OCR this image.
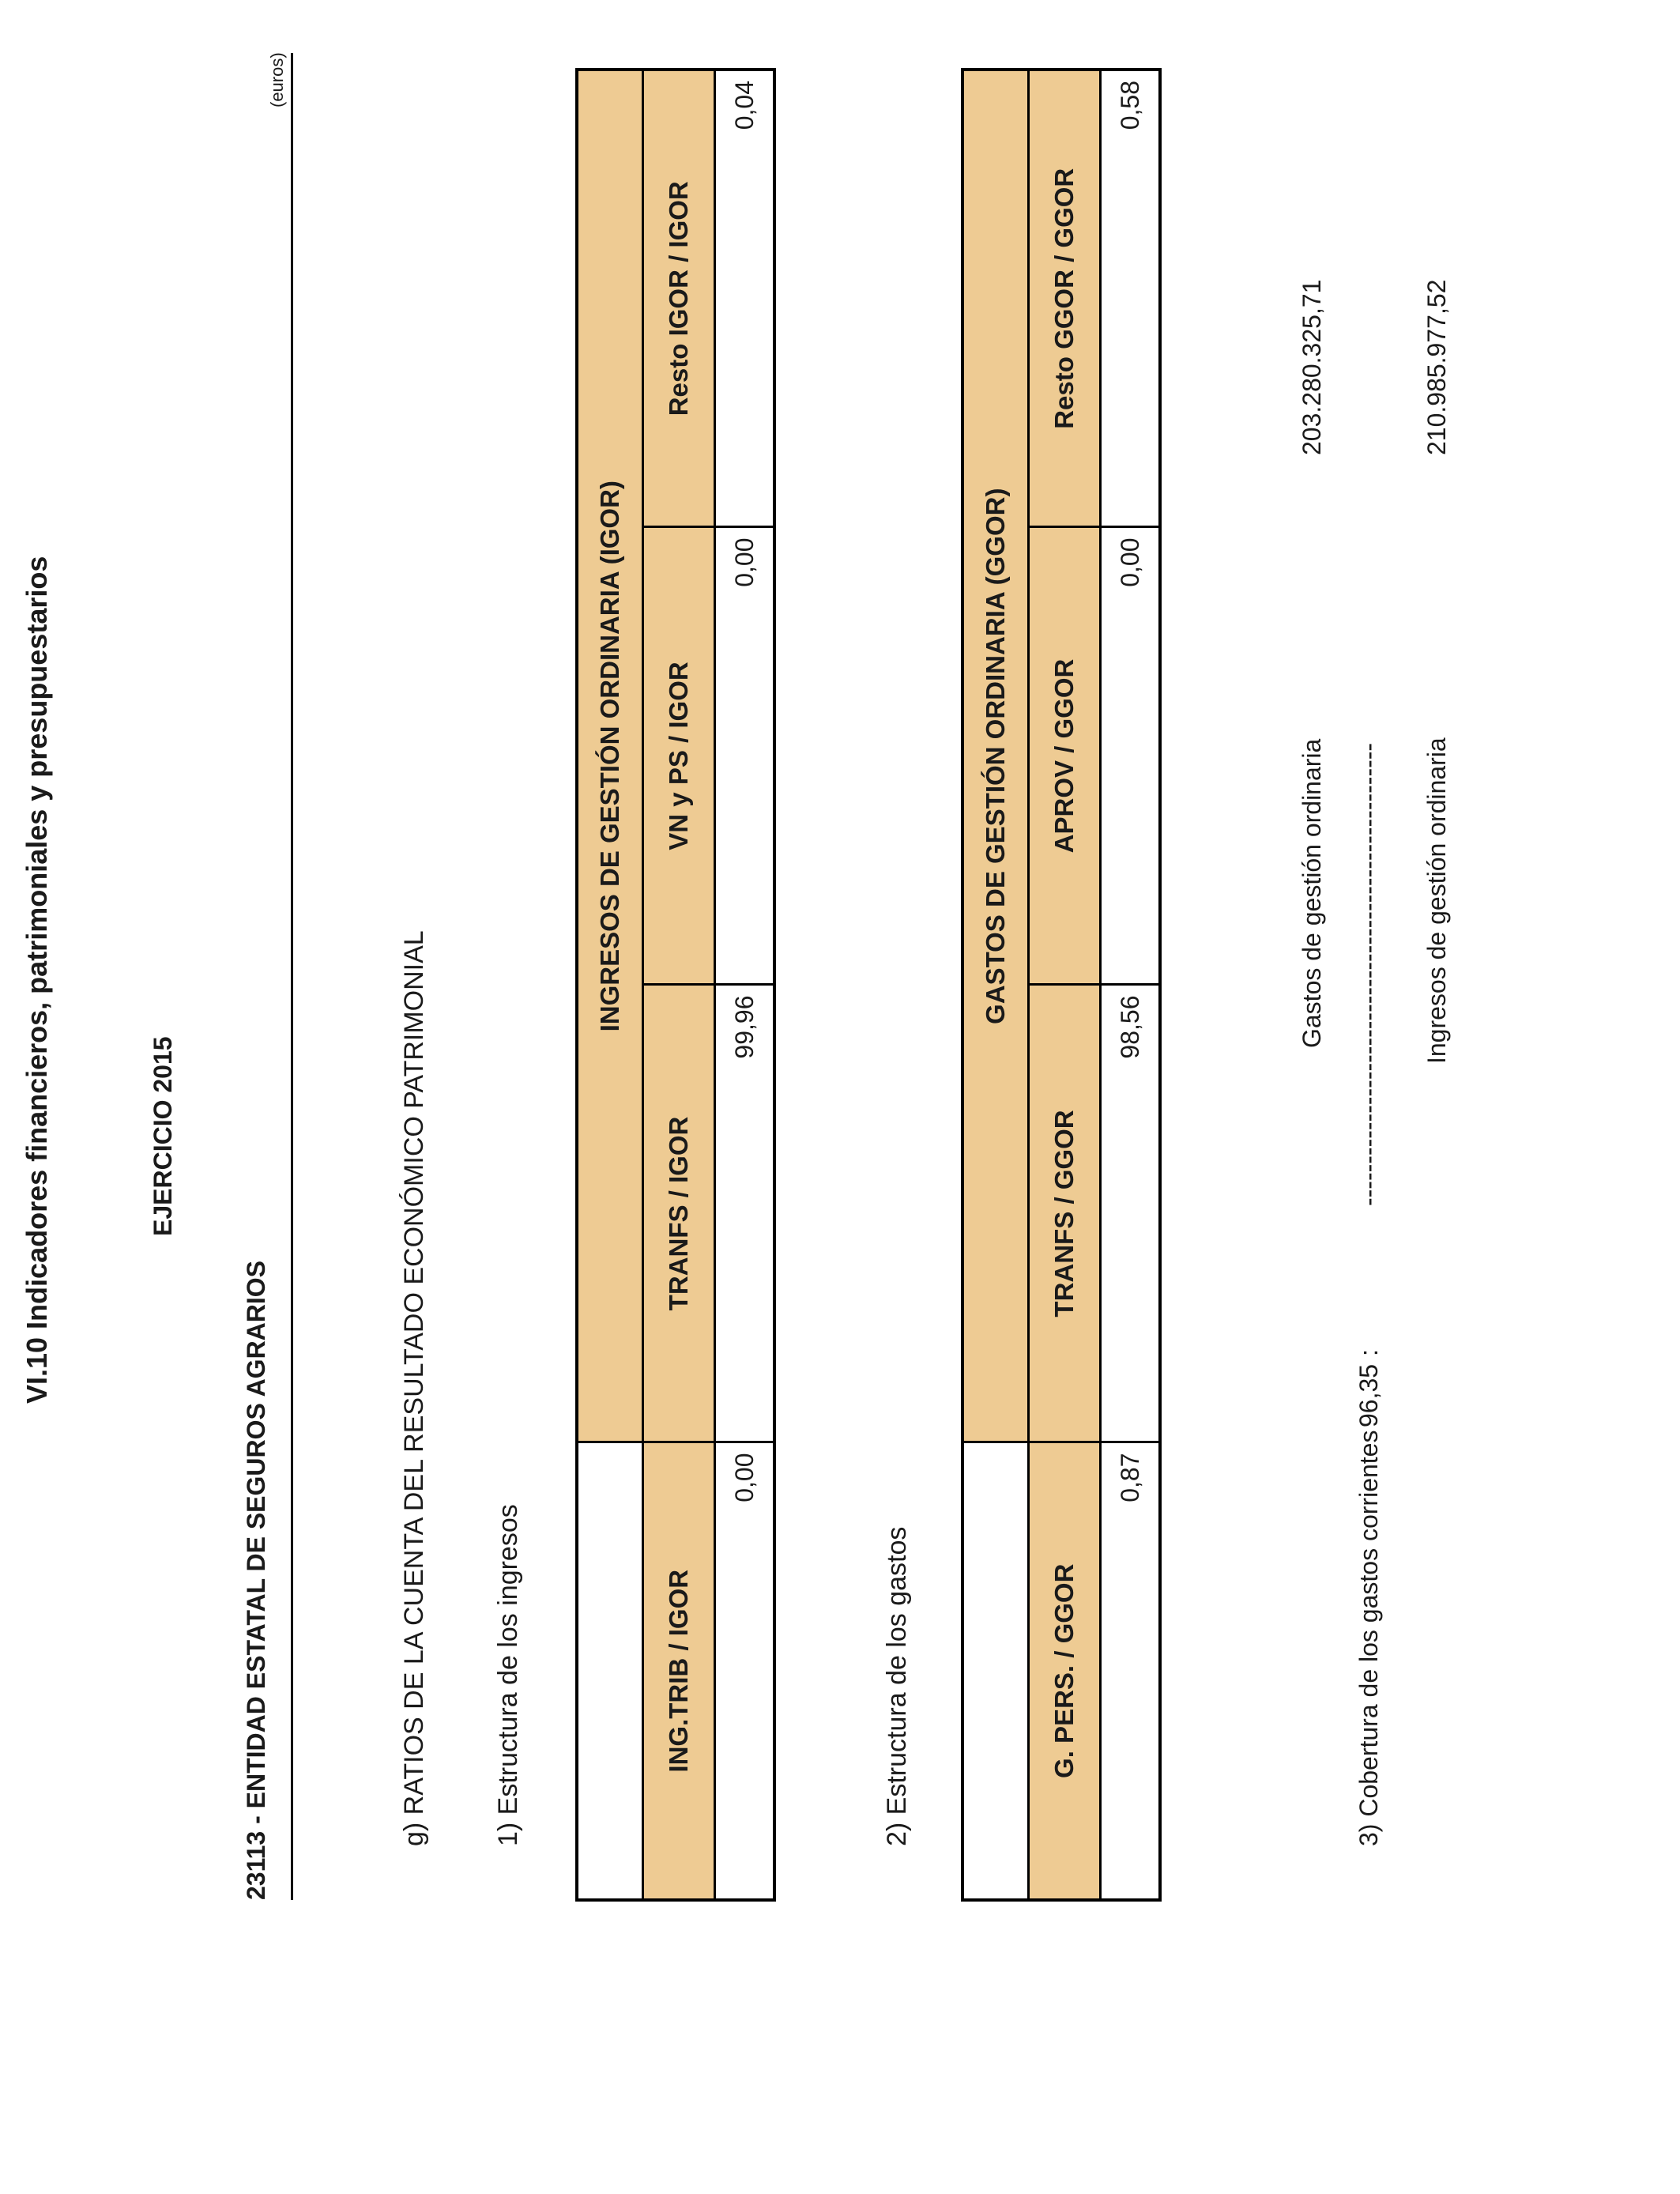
VI.10 Indicadores financieros, patrimoniales y presupuestarios	EJERCICIO 2015
23113 - ENTIDAD ESTATAL DE SEGUROS AGRARIOS
(euros)
g) RATIOS DE LA CUENTA DEL RESULTADO ECONÓMICO PATRIMONIAL 1) Estructura de los ingresos
	INGRESOS DE GESTIÓN ORDINARIA (IGOR)		
ING.TRIB / IGOR	TRANFS / IGOR	VN y PS / IGOR	Resto IGOR / IGOR
0,00	99,96	0,00	0,04
2) Estructura de los gastos
	GASTOS DE GESTIÓN ORDINARIA (GGOR)		
G. PERS. / GGOR	TRANFS / GGOR	APROV / GGOR	Resto GGOR / GGOR
0,87	98,56	0,00	0,58
Gastos de gestión ordinaria
203.280.325,71
3) Cobertura de los gastos corrientes
96,35
:
------------------------------------------------------- Ingresos de gestión ordinaria
210.985.977,52
